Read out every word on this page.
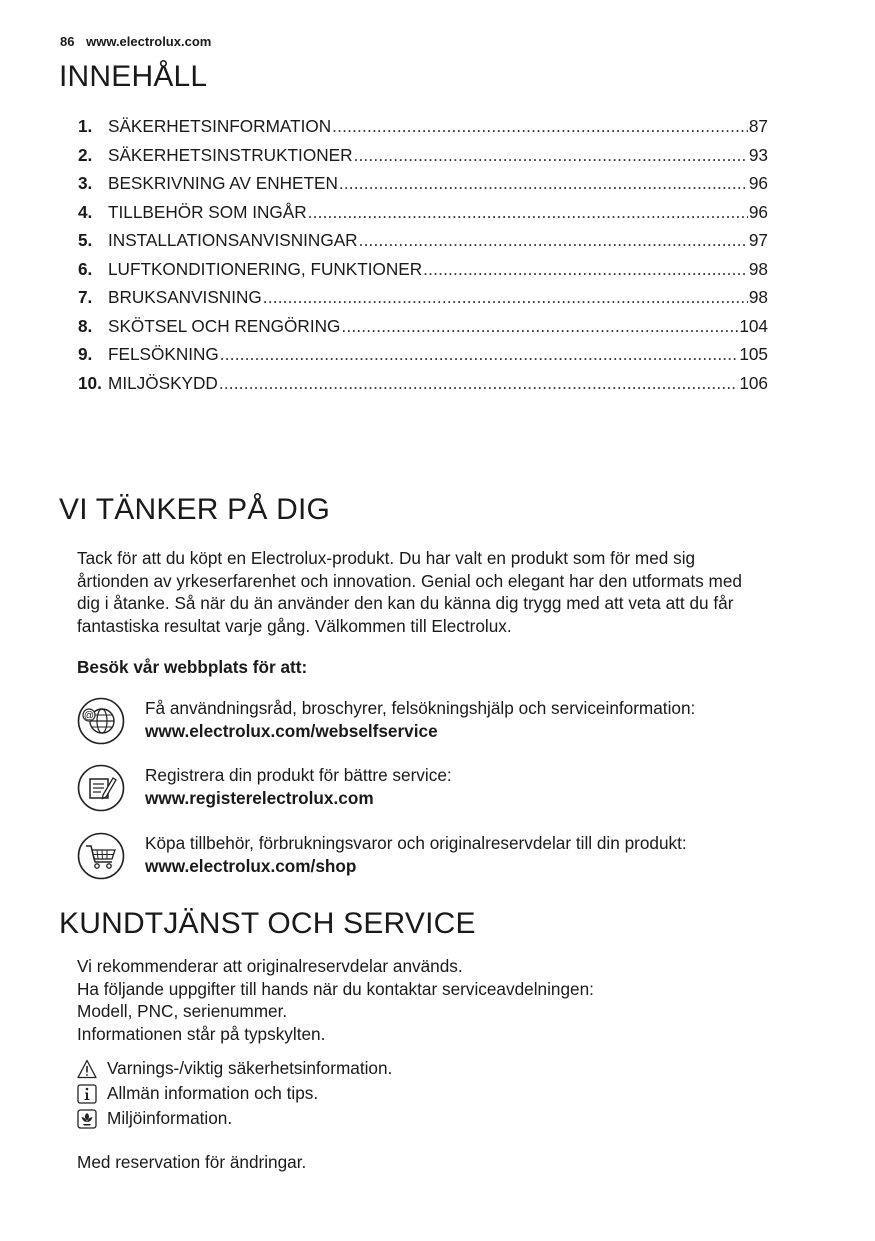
86 www.electrolux.com
INNEHÅLL
1. SÄKERHETSINFORMATION .....	87
2. SÄKERHETSINSTRUKTIONER .....	93
3. BESKRIVNING AV ENHETEN .....	96
4. TILLBEHÖR SOM INGÅR .....	96
5. INSTALLATIONSANVISNINGAR .....	97
6. LUFTKONDITIONERING, FUNKTIONER .....	98
7. BRUKSANVISNING .....	98
8. SKÖTSEL OCH RENGÖRING .....	104
9. FELSÖKNING .....	105
10. MILJÖSKYDD .....	106
VI TÄNKER PÅ DIG
Tack för att du köpt en Electrolux-produkt. Du har valt en produkt som för med sig
årtionden av yrkeserfarenhet och innovation. Genial och elegant har den utformats med
dig i åtanke. Så när du än använder den kan du känna dig trygg med att veta att du får
fantastiska resultat varje gång. Välkommen till Electrolux.
Besök vår webbplats för att:
@	Få användningsråd, broschyrer, felsökningshjälp och serviceinformation:
www.electrolux.com/webselfservice
Registrera din produkt för bättre service:
www.registerelectrolux.com
Köpa tillbehör, förbrukningsvaror och originalreservdelar till din produkt:
www.electrolux.com/shop
KUNDTJÄNST OCH SERVICE
Vi rekommenderar att originalreservdelar används.
Ha följande uppgifter till hands när du kontaktar serviceavdelningen:
Modell, PNC, serienummer.
Informationen står på typskylten.
Varnings-/viktig säkerhetsinformation.
Allmän information och tips.
Miljöinformation.
Med reservation för ändringar.
